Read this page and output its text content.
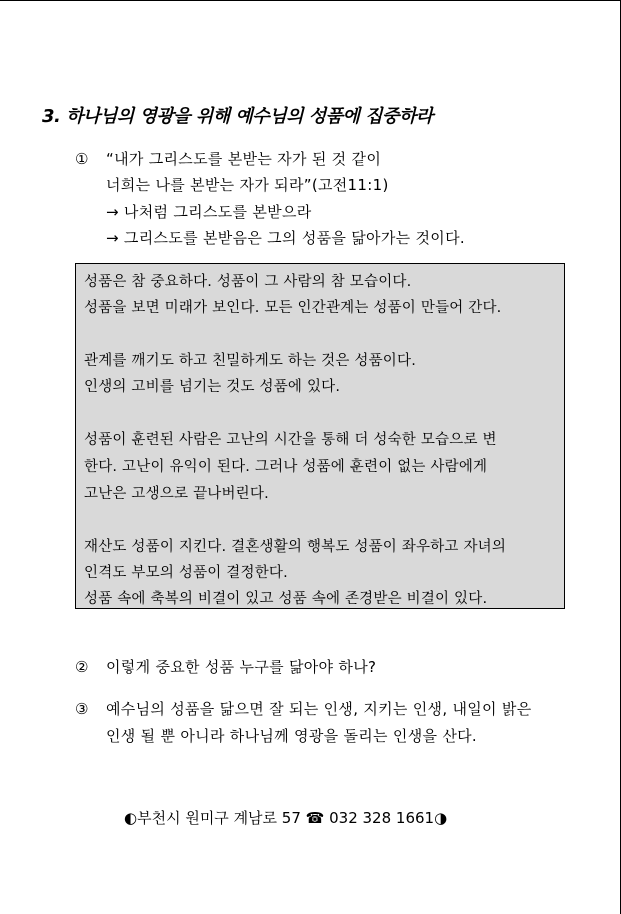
3. 하나님의 영광을 위해 예수님의 성품에 집중하라
① “내가 그리스도를 본받는 자가 된 것 같이
너희는 나를 본받는 자가 되라”(고전11:1)
→ 나처럼 그리스도를 본받으라
→ 그리스도를 본받음은 그의 성품을 닮아가는 것이다.
성품은 참 중요하다. 성품이 그 사람의 참 모습이다.
성품을 보면 미래가 보인다. 모든 인간관계는 성품이 만들어 간다.
관계를 깨기도 하고 친밀하게도 하는 것은 성품이다.
인생의 고비를 넘기는 것도 성품에 있다.
성품이 훈련된 사람은 고난의 시간을 통해 더 성숙한 모습으로 변
한다. 고난이 유익이 된다. 그러나 성품에 훈련이 없는 사람에게
고난은 고생으로 끝나버린다.
재산도 성품이 지킨다. 결혼생활의 행복도 성품이 좌우하고 자녀의
인격도 부모의 성품이 결정한다.
성품 속에 축복의 비결이 있고 성품 속에 존경받은 비결이 있다.
② 이렇게 중요한 성품 누구를 닮아야 하나?
③ 예수님의 성품을 닮으면 잘 되는 인생, 지키는 인생, 내일이 밝은
인생 될 뿐 아니라 하나님께 영광을 돌리는 인생을 산다.
◐부천시 원미구 계남로 57 ☎ 032 328 1661◑
